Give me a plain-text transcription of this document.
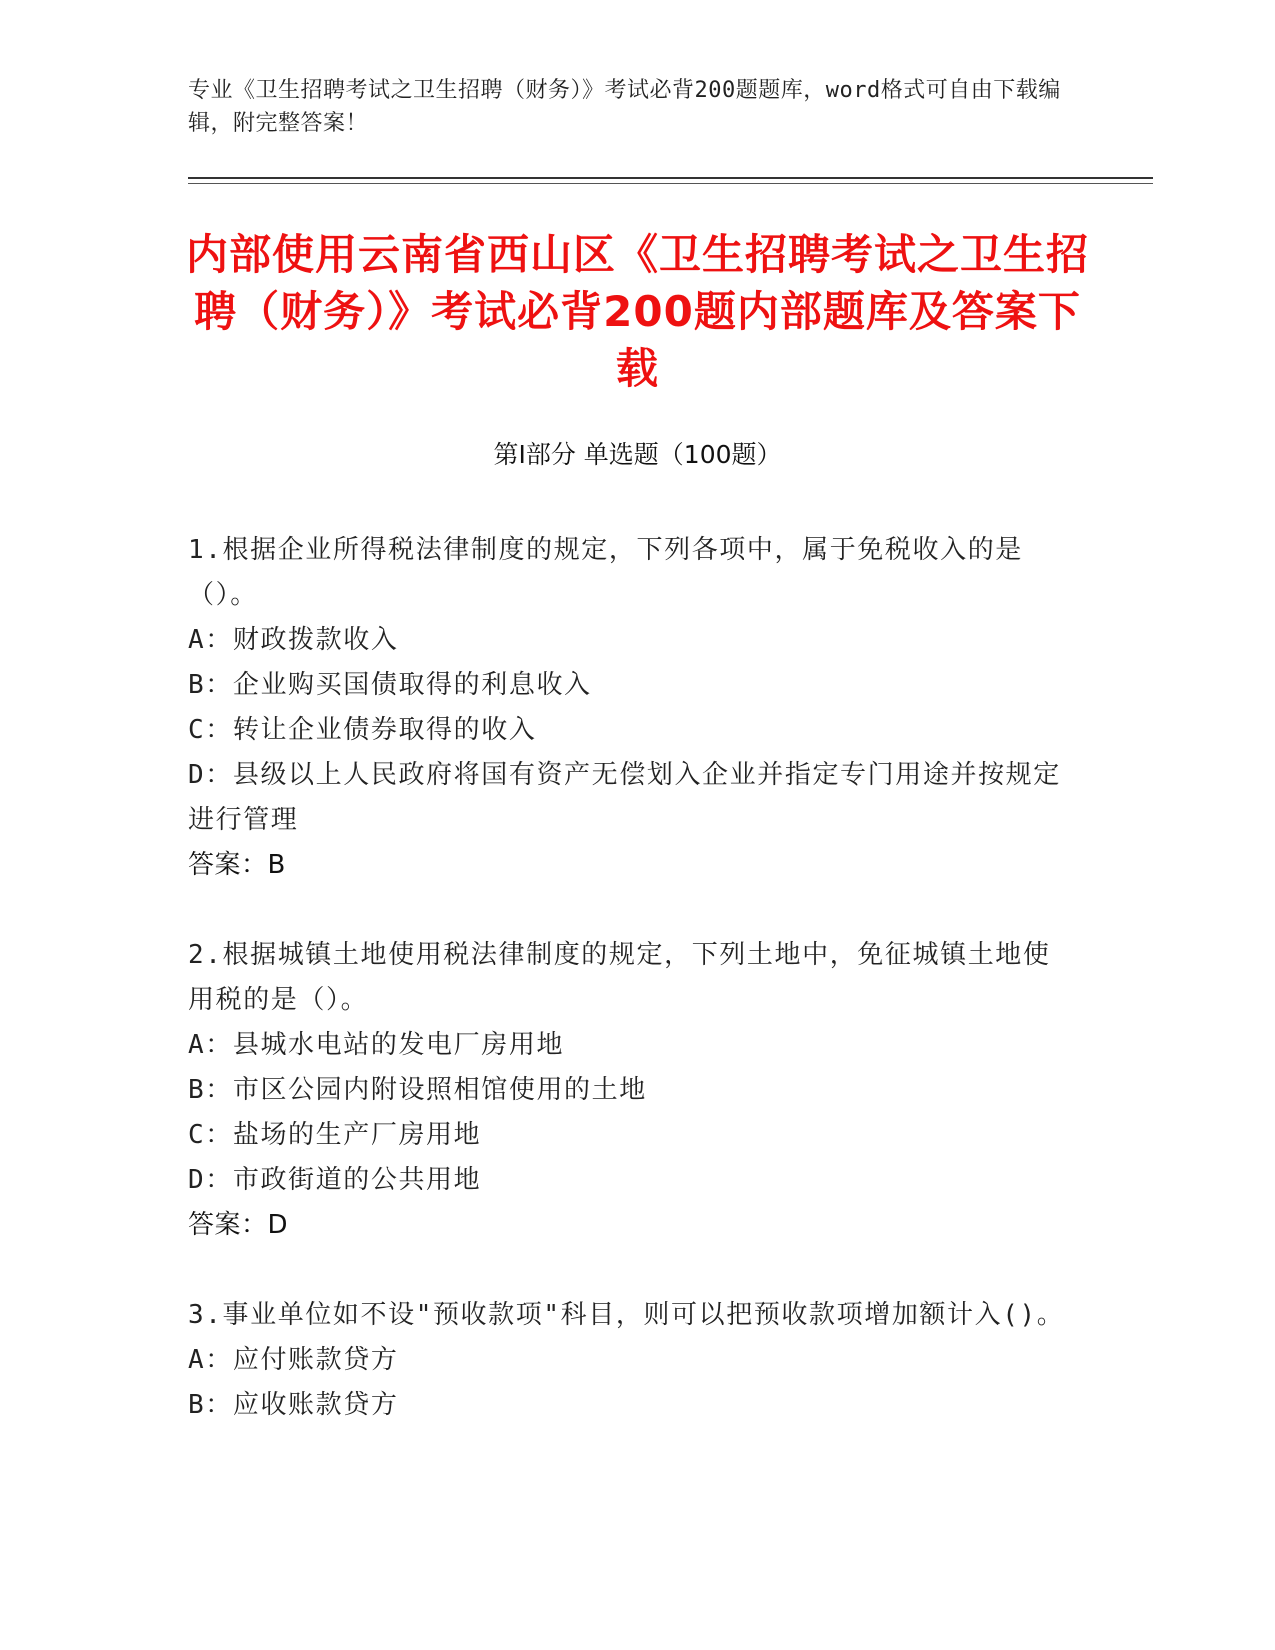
专业《卫生招聘考试之卫生招聘（财务）》考试必背200题题库，word格式可自由下载编辑，附完整答案！
内部使用云南省西山区《卫生招聘考试之卫生招聘（财务）》考试必背200题内部题库及答案下载
第Ⅰ部分 单选题（100题）

1.根据企业所得税法律制度的规定，下列各项中，属于免税收入的是（）。

A：财政拨款收入

B：企业购买国债取得的利息收入

C：转让企业债券取得的收入

D：县级以上人民政府将国有资产无偿划入企业并指定专门用途并按规定进行管理

答案：B

2.根据城镇土地使用税法律制度的规定，下列土地中，免征城镇土地使用税的是（）。

A：县城水电站的发电厂房用地

B：市区公园内附设照相馆使用的土地

C：盐场的生产厂房用地

D：市政街道的公共用地

答案：D

3.事业单位如不设"预收款项"科目，则可以把预收款项增加额计入()。

A：应付账款贷方

B：应收账款贷方
